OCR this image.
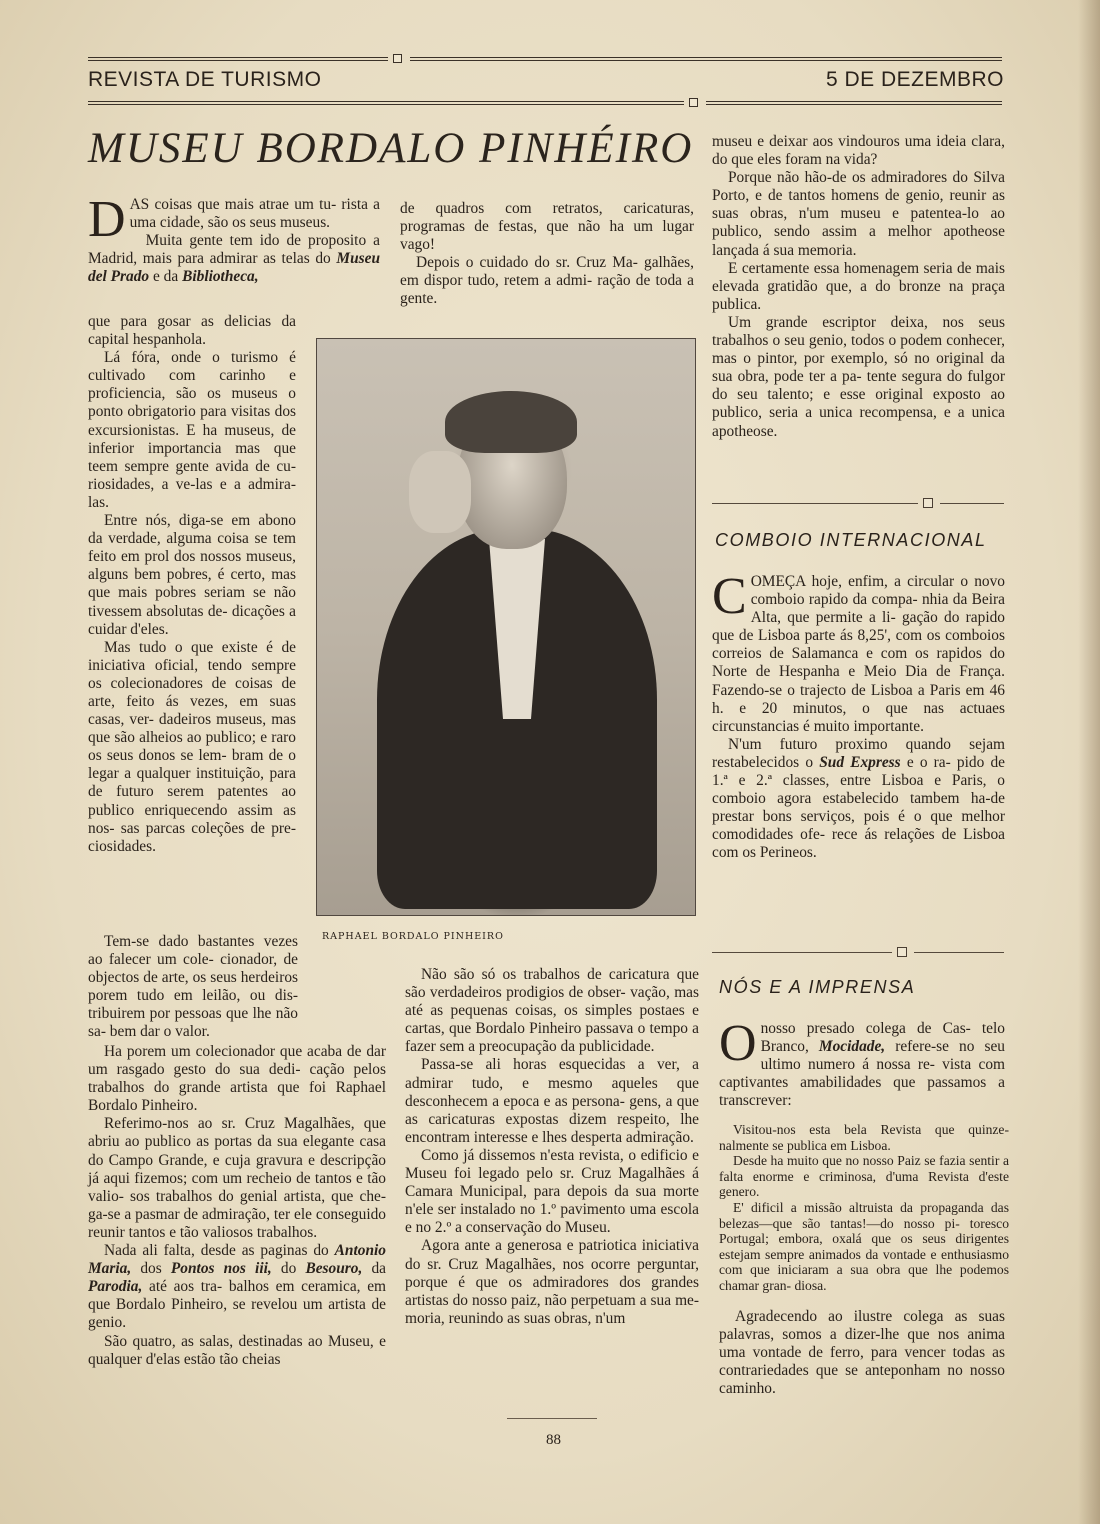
REVISTA DE TURISMO	5 DE DEZEMBRO
MUSEU BORDALO PINHÉIRO

DAS coisas que mais atrae um tu- rista a uma cidade, são os seus museus.

Muita gente tem ido de proposito a Madrid, mais para admirar as telas do Museu del Prado e da Bibliotheca,

que para gosar as delicias da capital hespanhola.

Lá fóra, onde o turismo é cultivado com carinho e proficiencia, são os museus o ponto obrigatorio para visitas dos excursionistas. E ha museus, de inferior importancia mas que teem sempre gente avida de cu- riosidades, a ve-las e a admira-las.

Entre nós, diga-se em abono da verdade, alguma coisa se tem feito em prol dos nossos museus, alguns bem pobres, é certo, mas que mais pobres seriam se não tivessem absolutas de- dicações a cuidar d'eles.

Mas tudo o que existe é de iniciativa oficial, tendo sempre os colecionadores de coisas de arte, feito ás vezes, em suas casas, ver- dadeiros museus, mas que são alheios ao publico; e raro os seus donos se lem- bram de o legar a qualquer instituição, para de futuro serem patentes ao publico enriquecendo assim as nos- sas parcas coleções de pre- ciosidades.

Tem-se dado bastantes vezes ao falecer um cole- cionador, de objectos de arte, os seus herdeiros porem tudo em leilão, ou dis- tribuirem por pessoas que lhe não sa- bem dar o valor.

Ha porem um colecionador que acaba de dar um rasgado gesto do sua dedi- cação pelos trabalhos do grande artista que foi Raphael Bordalo Pinheiro.

Referimo-nos ao sr. Cruz Magalhães, que abriu ao publico as portas da sua elegante casa do Campo Grande, e cuja gravura e descripção já aqui fizemos; com um recheio de tantos e tão valio- sos trabalhos do genial artista, que che- ga-se a pasmar de admiração, ter ele conseguido reunir tantos e tão valiosos trabalhos.

Nada ali falta, desde as paginas do Antonio Maria, dos Pontos nos iii, do Besouro, da Parodia, até aos tra- balhos em ceramica, em que Bordalo Pinheiro, se revelou um artista de genio.

São quatro, as salas, destinadas ao Museu, e qualquer d'elas estão tão cheias

de quadros com retratos, caricaturas, programas de festas, que não ha um lugar vago!

Depois o cuidado do sr. Cruz Ma- galhães, em dispor tudo, retem a admi- ração de toda a gente.

RAPHAEL BORDALO PINHEIRO

Não são só os trabalhos de caricatura que são verdadeiros prodigios de obser- vação, mas até as pequenas coisas, os simples postaes e cartas, que Bordalo Pinheiro passava o tempo a fazer sem a preocupação da publicidade.

Passa-se ali horas esquecidas a ver, a admirar tudo, e mesmo aqueles que desconhecem a epoca e as persona- gens, a que as caricaturas expostas dizem respeito, lhe encontram interesse e lhes desperta admiração.

Como já dissemos n'esta revista, o edificio e Museu foi legado pelo sr. Cruz Magalhães á Camara Municipal, para depois da sua morte n'ele ser instalado no 1.º pavimento uma escola e no 2.º a conservação do Museu.

Agora ante a generosa e patriotica iniciativa do sr. Cruz Magalhães, nos ocorre perguntar, porque é que os admiradores dos grandes artistas do nosso paiz, não perpetuam a sua me- moria, reunindo as suas obras, n'um

museu e deixar aos vindouros uma ideia clara, do que eles foram na vida?

Porque não hão-de os admiradores do Silva Porto, e de tantos homens de genio, reunir as suas obras, n'um museu e patentea-lo ao publico, sendo assim a melhor apotheose lançada á sua memoria.

E certamente essa homenagem seria de mais elevada gratidão que, a do bronze na praça publica.

Um grande escriptor deixa, nos seus trabalhos o seu genio, todos o podem conhecer, mas o pintor, por exemplo, só no original da sua obra, pode ter a pa- tente segura do fulgor do seu talento; e esse original exposto ao publico, seria a unica recompensa, e a unica apotheose.

COMBOIO INTERNACIONAL

COMEÇA hoje, enfim, a circular o novo comboio rapido da compa- nhia da Beira Alta, que permite a li- gação do rapido que de Lisboa parte ás 8,25', com os comboios correios de Salamanca e com os rapidos do Norte de Hespanha e Meio Dia de França. Fazendo-se o trajecto de Lisboa a Paris em 46 h. e 20 minutos, o que nas actuaes circunstancias é muito importante.

N'um futuro proximo quando sejam restabelecidos o Sud Express e o ra- pido de 1.ª e 2.ª classes, entre Lisboa e Paris, o comboio agora estabelecido tambem ha-de prestar bons serviços, pois é o que melhor comodidades ofe- rece ás relações de Lisboa com os Perineos.

NÓS E A IMPRENSA

Onosso presado colega de Cas- telo Branco, Mocidade, refere-se no seu ultimo numero á nossa re- vista com captivantes amabilidades que passamos a transcrever:

Visitou-nos esta bela Revista que quinze- nalmente se publica em Lisboa.

Desde ha muito que no nosso Paiz se fazia sentir a falta enorme e criminosa, d'uma Revista d'este genero.

E' dificil a missão altruista da propaganda das belezas—que são tantas!—do nosso pi- toresco Portugal; embora, oxalá que os seus dirigentes estejam sempre animados da vontade e enthusiasmo com que iniciaram a sua obra que lhe podemos chamar gran- diosa.

Agradecendo ao ilustre colega as suas palavras, somos a dizer-lhe que nos anima uma vontade de ferro, para vencer todas as contrariedades que se anteponham no nosso caminho.

88
